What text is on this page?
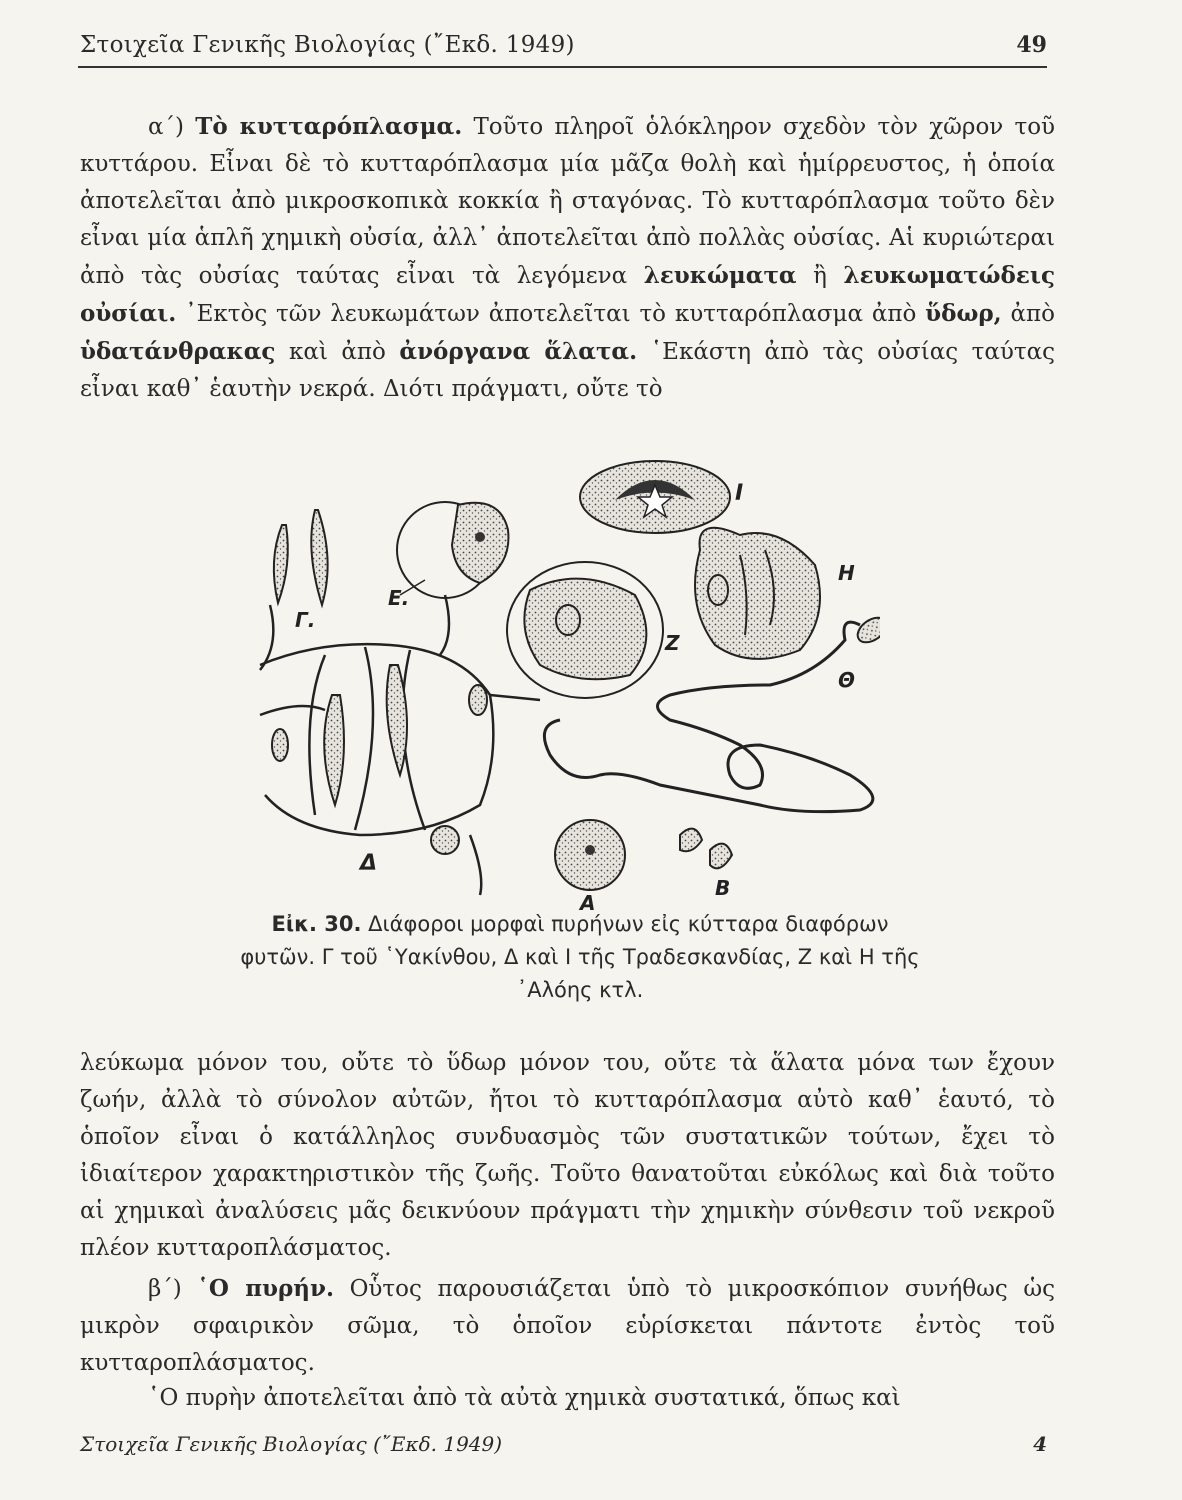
Στοιχεῖα Γενικῆς Βιολογίας (῎Εκδ. 1949)	49

α΄) Τὸ κυτταρόπλασμα. Τοῦτο πληροῖ ὁλόκληρον σχεδὸν τὸν χῶρον τοῦ κυττάρου. Εἶναι δὲ τὸ κυτταρόπλασμα μία μᾶζα θολὴ καὶ ἡμίρρευστος, ἡ ὁποία ἀποτελεῖται ἀπὸ μικροσκοπικὰ κοκκία ἢ σταγόνας. Τὸ κυτταρόπλασμα τοῦτο δὲν εἶναι μία ἁπλῆ χημικὴ οὐσία, ἀλλ᾽ ἀποτελεῖται ἀπὸ πολλὰς οὐσίας. Αἱ κυριώτεραι ἀπὸ τὰς οὐσίας ταύτας εἶναι τὰ λεγόμενα λευκώματα ἢ λευκωματώδεις οὐσίαι. ᾽Εκτὸς τῶν λευκωμάτων ἀποτελεῖται τὸ κυτταρόπλασμα ἀπὸ ὕδωρ, ἀπὸ ὑδατάνθρακας καὶ ἀπὸ ἀνόργανα ἅλατα. ῾Εκάστη ἀπὸ τὰς οὐσίας ταύτας εἶναι καθ᾽ ἑαυτὴν νεκρά. Διότι πράγματι, οὔτε τὸ

Γ.
Δ
Ε.
Ζ
Ι
Η
Θ
Α
Β
Εἰκ. 30. Διάφοροι μορφαὶ πυρήνων εἰς κύτταρα διαφόρων φυτῶν. Γ τοῦ ῾Υακίνθου, Δ καὶ Ι τῆς Τραδεσκανδίας, Ζ καὶ Η τῆς ᾽Αλόης κτλ.

λεύκωμα μόνον του, οὔτε τὸ ὕδωρ μόνον του, οὔτε τὰ ἅλατα μόνα των ἔχουν ζωήν, ἀλλὰ τὸ σύνολον αὐτῶν, ἤτοι τὸ κυτταρόπλασμα αὐτὸ καθ᾽ ἑαυτό, τὸ ὁποῖον εἶναι ὁ κατάλληλος συνδυασμὸς τῶν συστατικῶν τούτων, ἔχει τὸ ἰδιαίτερον χαρακτηριστικὸν τῆς ζωῆς. Τοῦτο θανατοῦται εὐκόλως καὶ διὰ τοῦτο αἱ χημικαὶ ἀναλύσεις μᾶς δεικνύουν πράγματι τὴν χημικὴν σύνθεσιν τοῦ νεκροῦ πλέον κυτταροπλάσματος.

β΄) ῾Ο πυρήν. Οὗτος παρουσιάζεται ὑπὸ τὸ μικροσκόπιον συνήθως ὡς μικρὸν σφαιρικὸν σῶμα, τὸ ὁποῖον εὑρίσκεται πάντοτε ἐντὸς τοῦ κυτταροπλάσματος.

῾Ο πυρὴν ἀποτελεῖται ἀπὸ τὰ αὐτὰ χημικὰ συστατικά, ὅπως καὶ

Στοιχεῖα Γενικῆς Βιολογίας (῎Εκδ. 1949)	4
